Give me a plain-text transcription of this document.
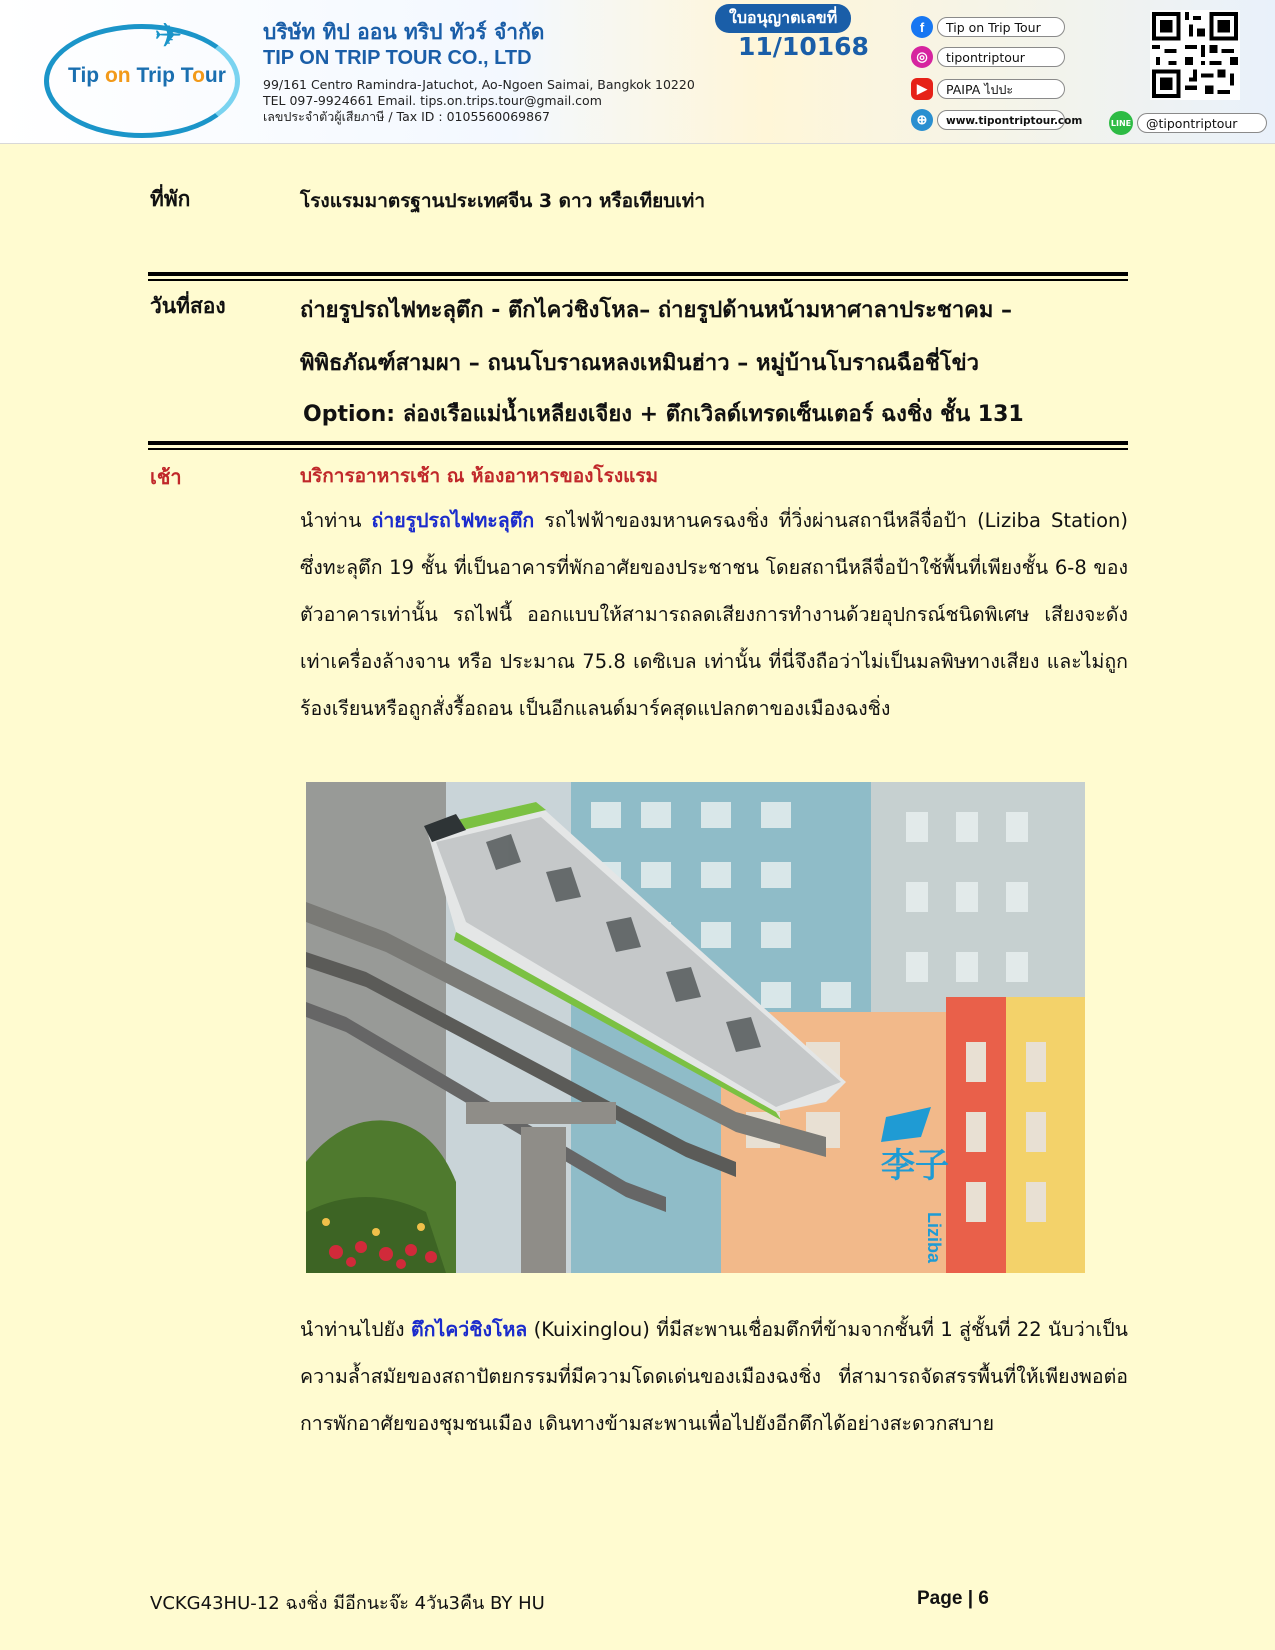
✈
Tip on Trip Tour
บริษัท ทิป ออน ทริป ทัวร์ จำกัด
TIP ON TRIP TOUR CO., LTD
99/161 Centro Ramindra-Jatuchot, Ao-Ngoen Saimai, Bangkok 10220
TEL 097-9924661 Email. tips.on.trips.tour@gmail.com
เลขประจำตัวผู้เสียภาษี / Tax ID : 0105560069867
ใบอนุญาตเลขที่
11/10168
f	Tip on Trip Tour
◎	tipontriptour
▶	PAIPA ไปปะ
⊕	www.tipontriptour.com	LINE	@tipontriptour
ที่พัก	โรงแรมมาตรฐานประเทศจีน 3 ดาว หรือเทียบเท่า
วันที่สอง	ถ่ายรูปรถไฟทะลุตึก - ตึกไคว่ชิงโหล– ถ่ายรูปด้านหน้ามหาศาลาประชาคม –
พิพิธภัณฑ์สามผา – ถนนโบราณหลงเหมินฮ่าว – หมู่บ้านโบราณฉือชี่โข่ว
Option: ล่องเรือแม่น้ำเหลียงเจียง + ตึกเวิลด์เทรดเซ็นเตอร์ ฉงชิ่ง ชั้น 131
เช้า	บริการอาหารเช้า ณ ห้องอาหารของโรงแรม
นำท่าน ถ่ายรูปรถไฟทะลุตึก รถไฟฟ้าของมหานครฉงชิ่ง ที่วิ่งผ่านสถานีหลีจื่อป้า (Liziba Station) ซึ่งทะลุตึก 19 ชั้น ที่เป็นอาคารที่พักอาศัยของประชาชน โดยสถานีหลีจื่อป้าใช้พื้นที่เพียงชั้น 6-8 ของตัวอาคารเท่านั้น รถไฟนี้ ออกแบบให้สามารถลดเสียงการทำงานด้วยอุปกรณ์ชนิดพิเศษ เสียงจะดังเท่าเครื่องล้างจาน หรือ ประมาณ 75.8 เดซิเบล เท่านั้น ที่นี่จึงถือว่าไม่เป็นมลพิษทางเสียง และไม่ถูกร้องเรียนหรือถูกสั่งรื้อถอน เป็นอีกแลนด์มาร์คสุดแปลกตาของเมืองฉงชิ่ง
李子
Liziba
นำท่านไปยัง ตึกไคว่ชิงโหล (Kuixinglou) ที่มีสะพานเชื่อมตึกที่ข้ามจากชั้นที่ 1 สู่ชั้นที่ 22 นับว่าเป็นความล้ำสมัยของสถาปัตยกรรมที่มีความโดดเด่นของเมืองฉงชิ่ง ที่สามารถจัดสรรพื้นที่ให้เพียงพอต่อการพักอาศัยของชุมชนเมือง เดินทางข้ามสะพานเพื่อไปยังอีกตึกได้อย่างสะดวกสบาย
VCKG43HU-12 ฉงชิ่ง มีอีกนะจ๊ะ 4วัน3คืน BY HU	Page | 6
